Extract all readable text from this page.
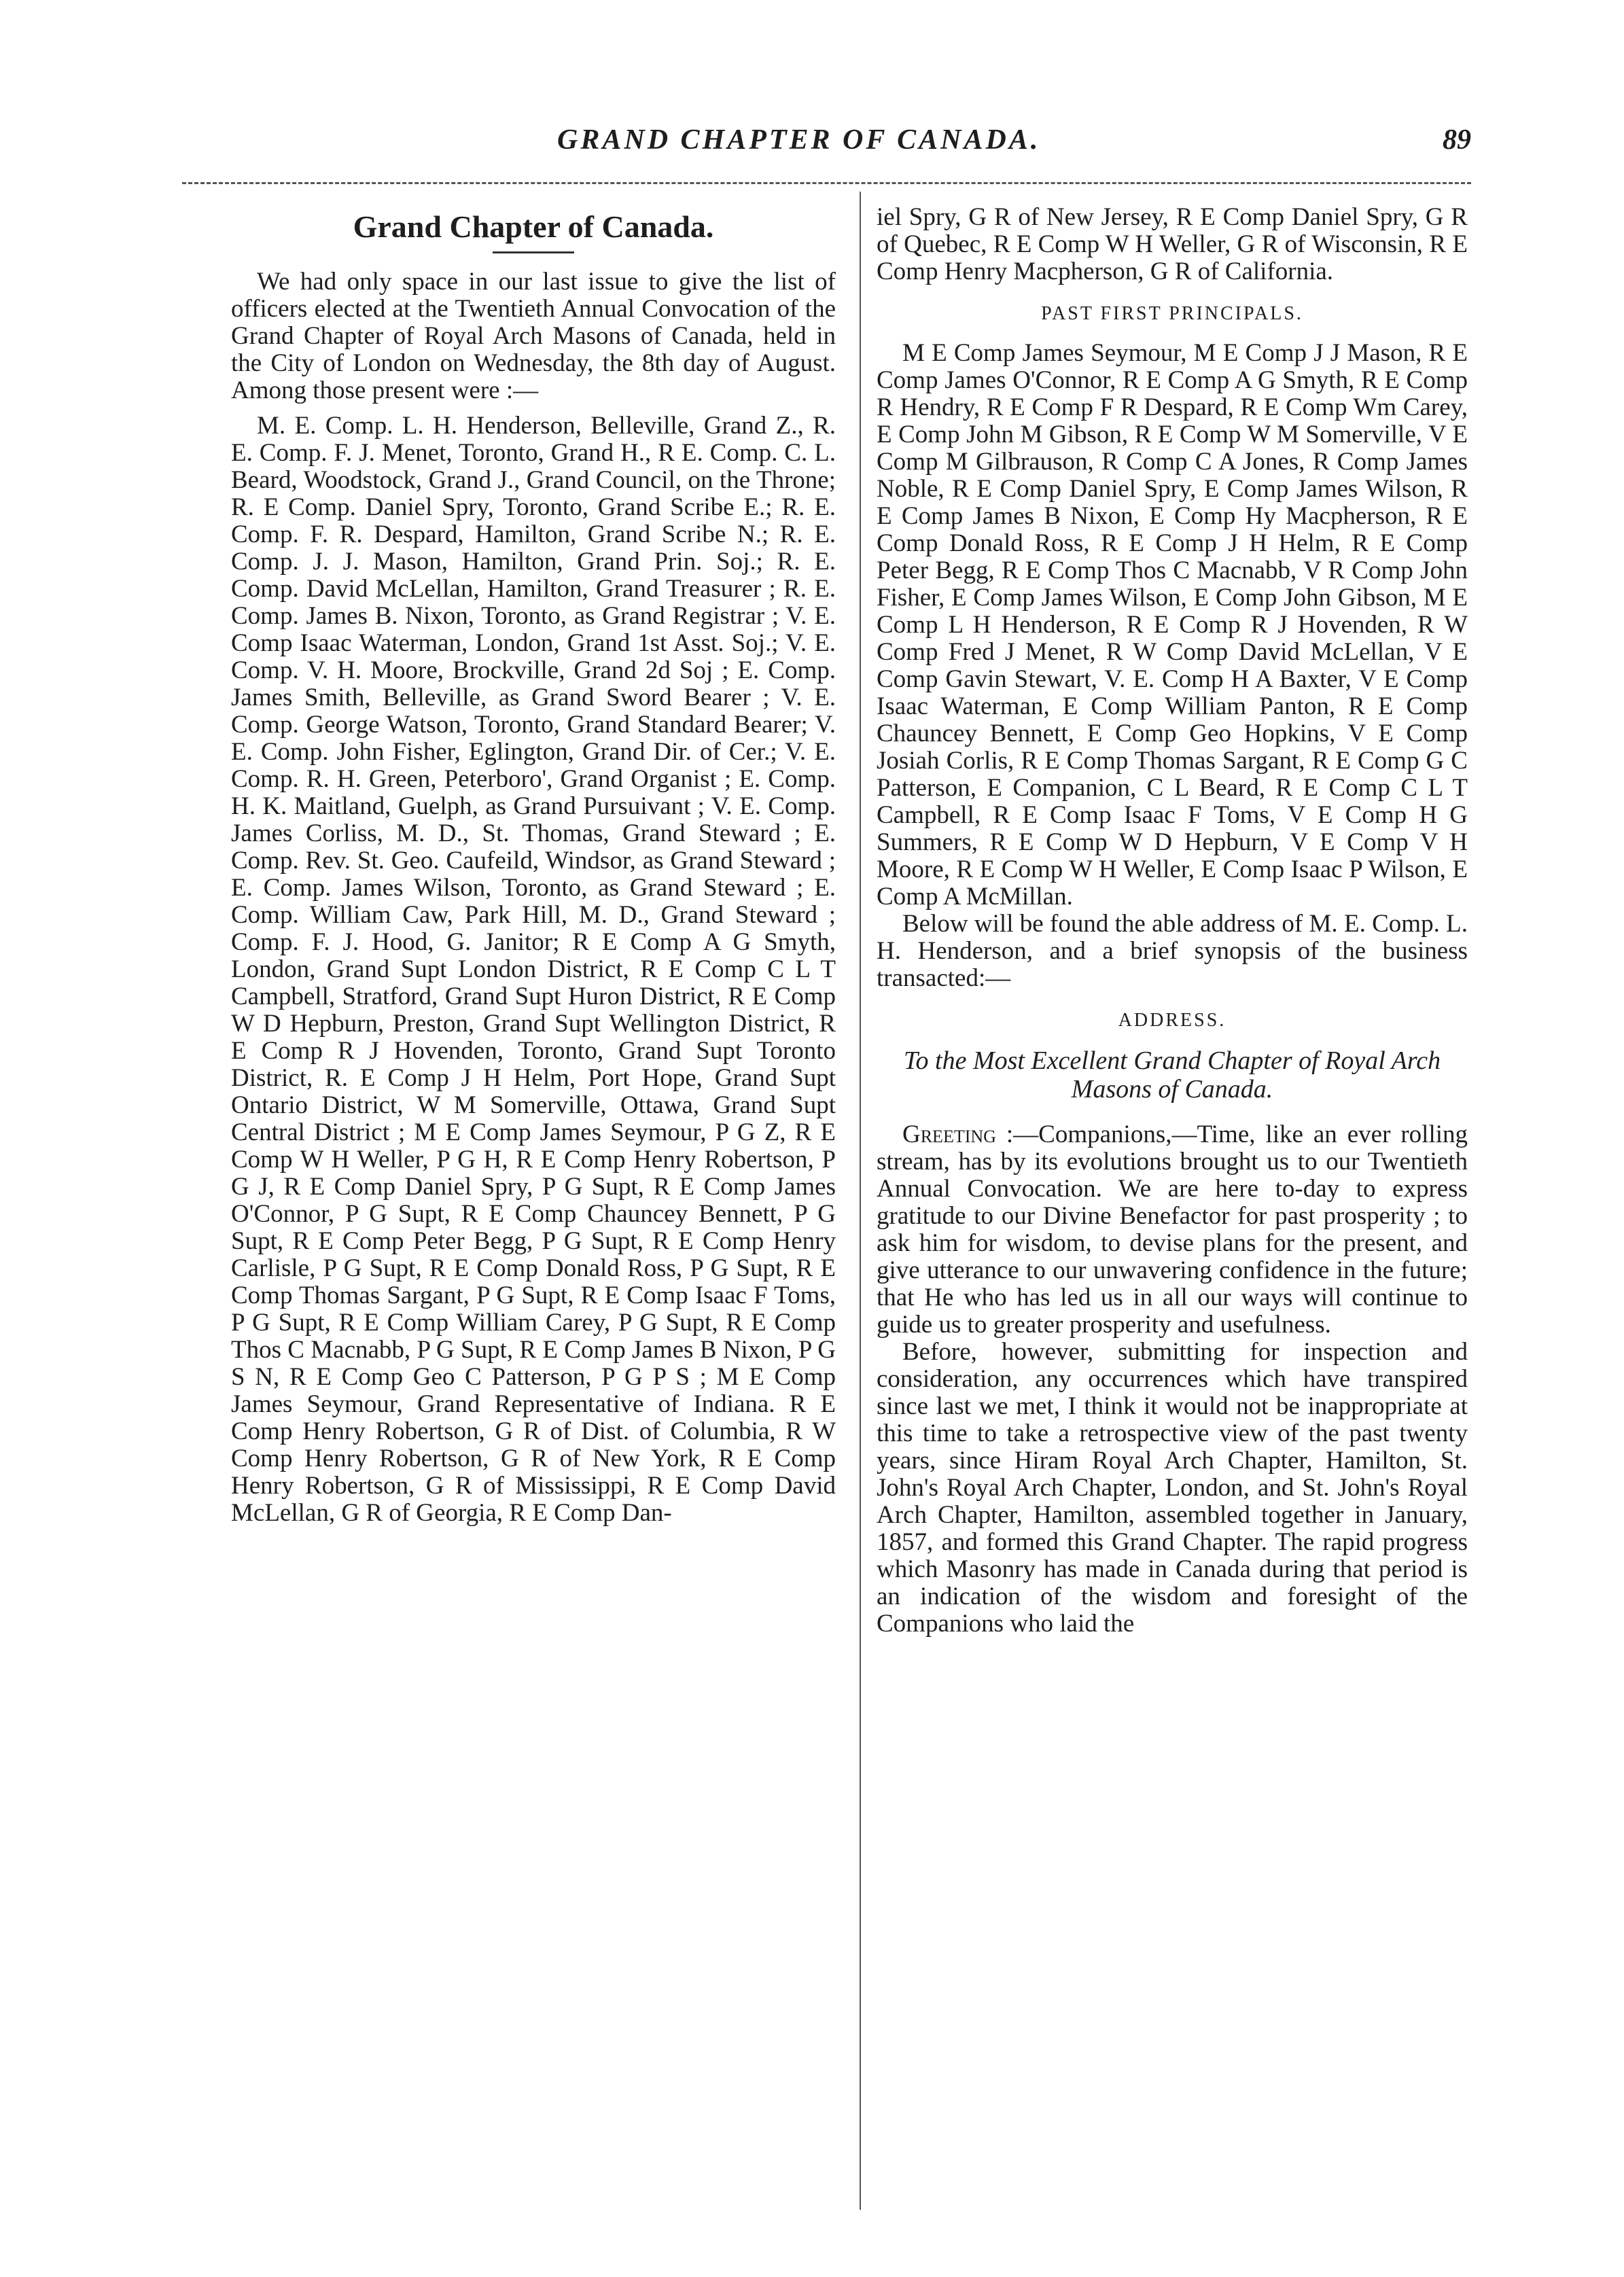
GRAND CHAPTER OF CANADA.	89
Grand Chapter of Canada.

We had only space in our last issue to give the list of officers elected at the Twentieth Annual Convocation of the Grand Chapter of Royal Arch Masons of Canada, held in the City of London on Wednesday, the 8th day of August. Among those present were :—

M. E. Comp. L. H. Henderson, Belleville, Grand Z., R. E. Comp. F. J. Menet, Toronto, Grand H., R E. Comp. C. L. Beard, Woodstock, Grand J., Grand Council, on the Throne; R. E Comp. Daniel Spry, Toronto, Grand Scribe E.; R. E. Comp. F. R. Despard, Hamilton, Grand Scribe N.; R. E. Comp. J. J. Mason, Hamilton, Grand Prin. Soj.; R. E. Comp. David McLellan, Hamilton, Grand Treasurer ; R. E. Comp. James B. Nixon, Toronto, as Grand Registrar ; V. E. Comp Isaac Waterman, London, Grand 1st Asst. Soj.; V. E. Comp. V. H. Moore, Brockville, Grand 2d Soj ; E. Comp. James Smith, Belleville, as Grand Sword Bearer ; V. E. Comp. George Watson, Toronto, Grand Standard Bearer; V. E. Comp. John Fisher, Eglington, Grand Dir. of Cer.; V. E. Comp. R. H. Green, Peterboro', Grand Organist ; E. Comp. H. K. Maitland, Guelph, as Grand Pursuivant ; V. E. Comp. James Corliss, M. D., St. Thomas, Grand Steward ; E. Comp. Rev. St. Geo. Caufeild, Windsor, as Grand Steward ; E. Comp. James Wilson, Toronto, as Grand Steward ; E. Comp. William Caw, Park Hill, M. D., Grand Steward ; Comp. F. J. Hood, G. Janitor; R E Comp A G Smyth, London, Grand Supt London District, R E Comp C L T Campbell, Stratford, Grand Supt Huron District, R E Comp W D Hepburn, Preston, Grand Supt Wellington District, R E Comp R J Hovenden, Toronto, Grand Supt Toronto District, R. E Comp J H Helm, Port Hope, Grand Supt Ontario District, W M Somerville, Ottawa, Grand Supt Central District ; M E Comp James Seymour, P G Z, R E Comp W H Weller, P G H, R E Comp Henry Robertson, P G J, R E Comp Daniel Spry, P G Supt, R E Comp James O'Connor, P G Supt, R E Comp Chauncey Bennett, P G Supt, R E Comp Peter Begg, P G Supt, R E Comp Henry Carlisle, P G Supt, R E Comp Donald Ross, P G Supt, R E Comp Thomas Sargant, P G Supt, R E Comp Isaac F Toms, P G Supt, R E Comp William Carey, P G Supt, R E Comp Thos C Macnabb, P G Supt, R E Comp James B Nixon, P G S N, R E Comp Geo C Patterson, P G P S ; M E Comp James Seymour, Grand Representative of Indiana. R E Comp Henry Robertson, G R of Dist. of Columbia, R W Comp Henry Robertson, G R of New York, R E Comp Henry Robertson, G R of Mississippi, R E Comp David McLellan, G R of Georgia, R E Comp Dan-

iel Spry, G R of New Jersey, R E Comp Daniel Spry, G R of Quebec, R E Comp W H Weller, G R of Wisconsin, R E Comp Henry Macpherson, G R of California.

PAST FIRST PRINCIPALS.

M E Comp James Seymour, M E Comp J J Mason, R E Comp James O'Connor, R E Comp A G Smyth, R E Comp R Hendry, R E Comp F R Despard, R E Comp Wm Carey, E Comp John M Gibson, R E Comp W M Somerville, V E Comp M Gilbrauson, R Comp C A Jones, R Comp James Noble, R E Comp Daniel Spry, E Comp James Wilson, R E Comp James B Nixon, E Comp Hy Macpherson, R E Comp Donald Ross, R E Comp J H Helm, R E Comp Peter Begg, R E Comp Thos C Macnabb, V R Comp John Fisher, E Comp James Wilson, E Comp John Gibson, M E Comp L H Henderson, R E Comp R J Hovenden, R W Comp Fred J Menet, R W Comp David McLellan, V E Comp Gavin Stewart, V. E. Comp H A Baxter, V E Comp Isaac Waterman, E Comp William Panton, R E Comp Chauncey Bennett, E Comp Geo Hopkins, V E Comp Josiah Corlis, R E Comp Thomas Sargant, R E Comp G C Patterson, E Companion, C L Beard, R E Comp C L T Campbell, R E Comp Isaac F Toms, V E Comp H G Summers, R E Comp W D Hepburn, V E Comp V H Moore, R E Comp W H Weller, E Comp Isaac P Wilson, E Comp A McMillan.

Below will be found the able address of M. E. Comp. L. H. Henderson, and a brief synopsis of the business transacted:—

ADDRESS.
To the Most Excellent Grand Chapter of Royal Arch Masons of Canada.

Greeting :—Companions,—Time, like an ever rolling stream, has by its evolutions brought us to our Twentieth Annual Convocation. We are here to-day to express gratitude to our Divine Benefactor for past prosperity ; to ask him for wisdom, to devise plans for the present, and give utterance to our unwavering confidence in the future; that He who has led us in all our ways will continue to guide us to greater prosperity and usefulness.

Before, however, submitting for inspection and consideration, any occurrences which have transpired since last we met, I think it would not be inappropriate at this time to take a retrospective view of the past twenty years, since Hiram Royal Arch Chapter, Hamilton, St. John's Royal Arch Chapter, London, and St. John's Royal Arch Chapter, Hamilton, assembled together in January, 1857, and formed this Grand Chapter. The rapid progress which Masonry has made in Canada during that period is an indication of the wisdom and foresight of the Companions who laid the
